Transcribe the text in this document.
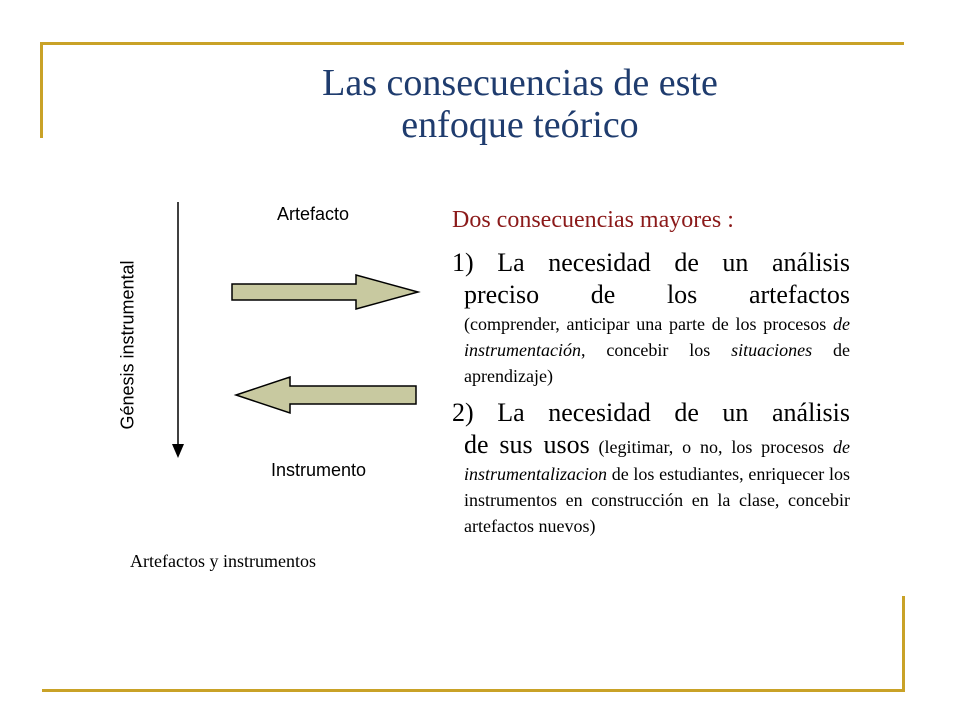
Las consecuencias de este
enfoque teórico
Artefacto
Instrumento
Génesis instrumental
Artefactos y instrumentos
Dos consecuencias mayores :
1) La necesidad de un análisis
preciso de los artefactos
(comprender, anticipar una parte de los procesos de instrumentación, concebir los situaciones de aprendizaje)
2) La necesidad de un análisis
de sus usos (legitimar, o no, los procesos de instrumentalizacion de los estudiantes, enriquecer los instrumentos en construcción en la clase, concebir artefactos nuevos)
